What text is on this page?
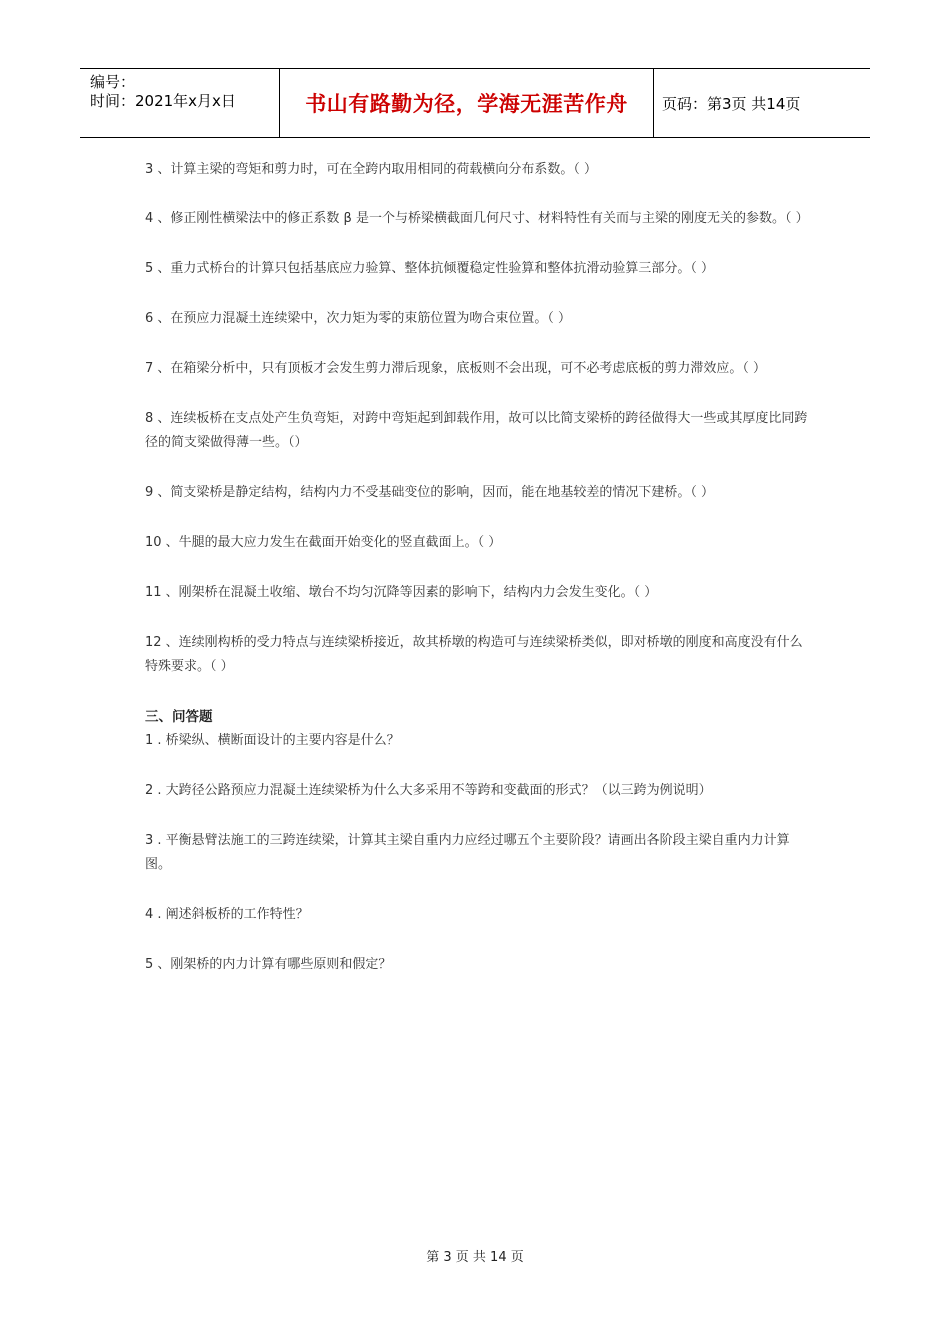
编号：
时间：2021年x月x日	书山有路勤为径，学海无涯苦作舟 页码：第3页 共14页

3 、计算主梁的弯矩和剪力时，可在全跨内取用相同的荷载横向分布系数。（ ）

4 、修正刚性横梁法中的修正系数 β 是一个与桥梁横截面几何尺寸、材料特性有关而与主梁的刚度无关的参数。（ ）

5 、重力式桥台的计算只包括基底应力验算、整体抗倾覆稳定性验算和整体抗滑动验算三部分。（ ）

6 、在预应力混凝土连续梁中，次力矩为零的束筋位置为吻合束位置。（ ）

7 、在箱梁分析中，只有顶板才会发生剪力滞后现象，底板则不会出现，可不必考虑底板的剪力滞效应。（ ）

8 、连续板桥在支点处产生负弯矩，对跨中弯矩起到卸载作用，故可以比简支梁桥的跨径做得大一些或其厚度比同跨径的简支梁做得薄一些。（）

9 、简支梁桥是静定结构，结构内力不受基础变位的影响，因而，能在地基较差的情况下建桥。（ ）

10 、牛腿的最大应力发生在截面开始变化的竖直截面上。（ ）

11 、刚架桥在混凝土收缩、墩台不均匀沉降等因素的影响下，结构内力会发生变化。（ ）

12 、连续刚构桥的受力特点与连续梁桥接近，故其桥墩的构造可与连续梁桥类似，即对桥墩的刚度和高度没有什么特殊要求。（ ）

三、问答题

1 . 桥梁纵、横断面设计的主要内容是什么？

2 . 大跨径公路预应力混凝土连续梁桥为什么大多采用不等跨和变截面的形式？（以三跨为例说明）

3 . 平衡悬臂法施工的三跨连续梁，计算其主梁自重内力应经过哪五个主要阶段？请画出各阶段主梁自重内力计算图。

4 . 阐述斜板桥的工作特性？

5 、刚架桥的内力计算有哪些原则和假定？

第 3 页 共 14 页
